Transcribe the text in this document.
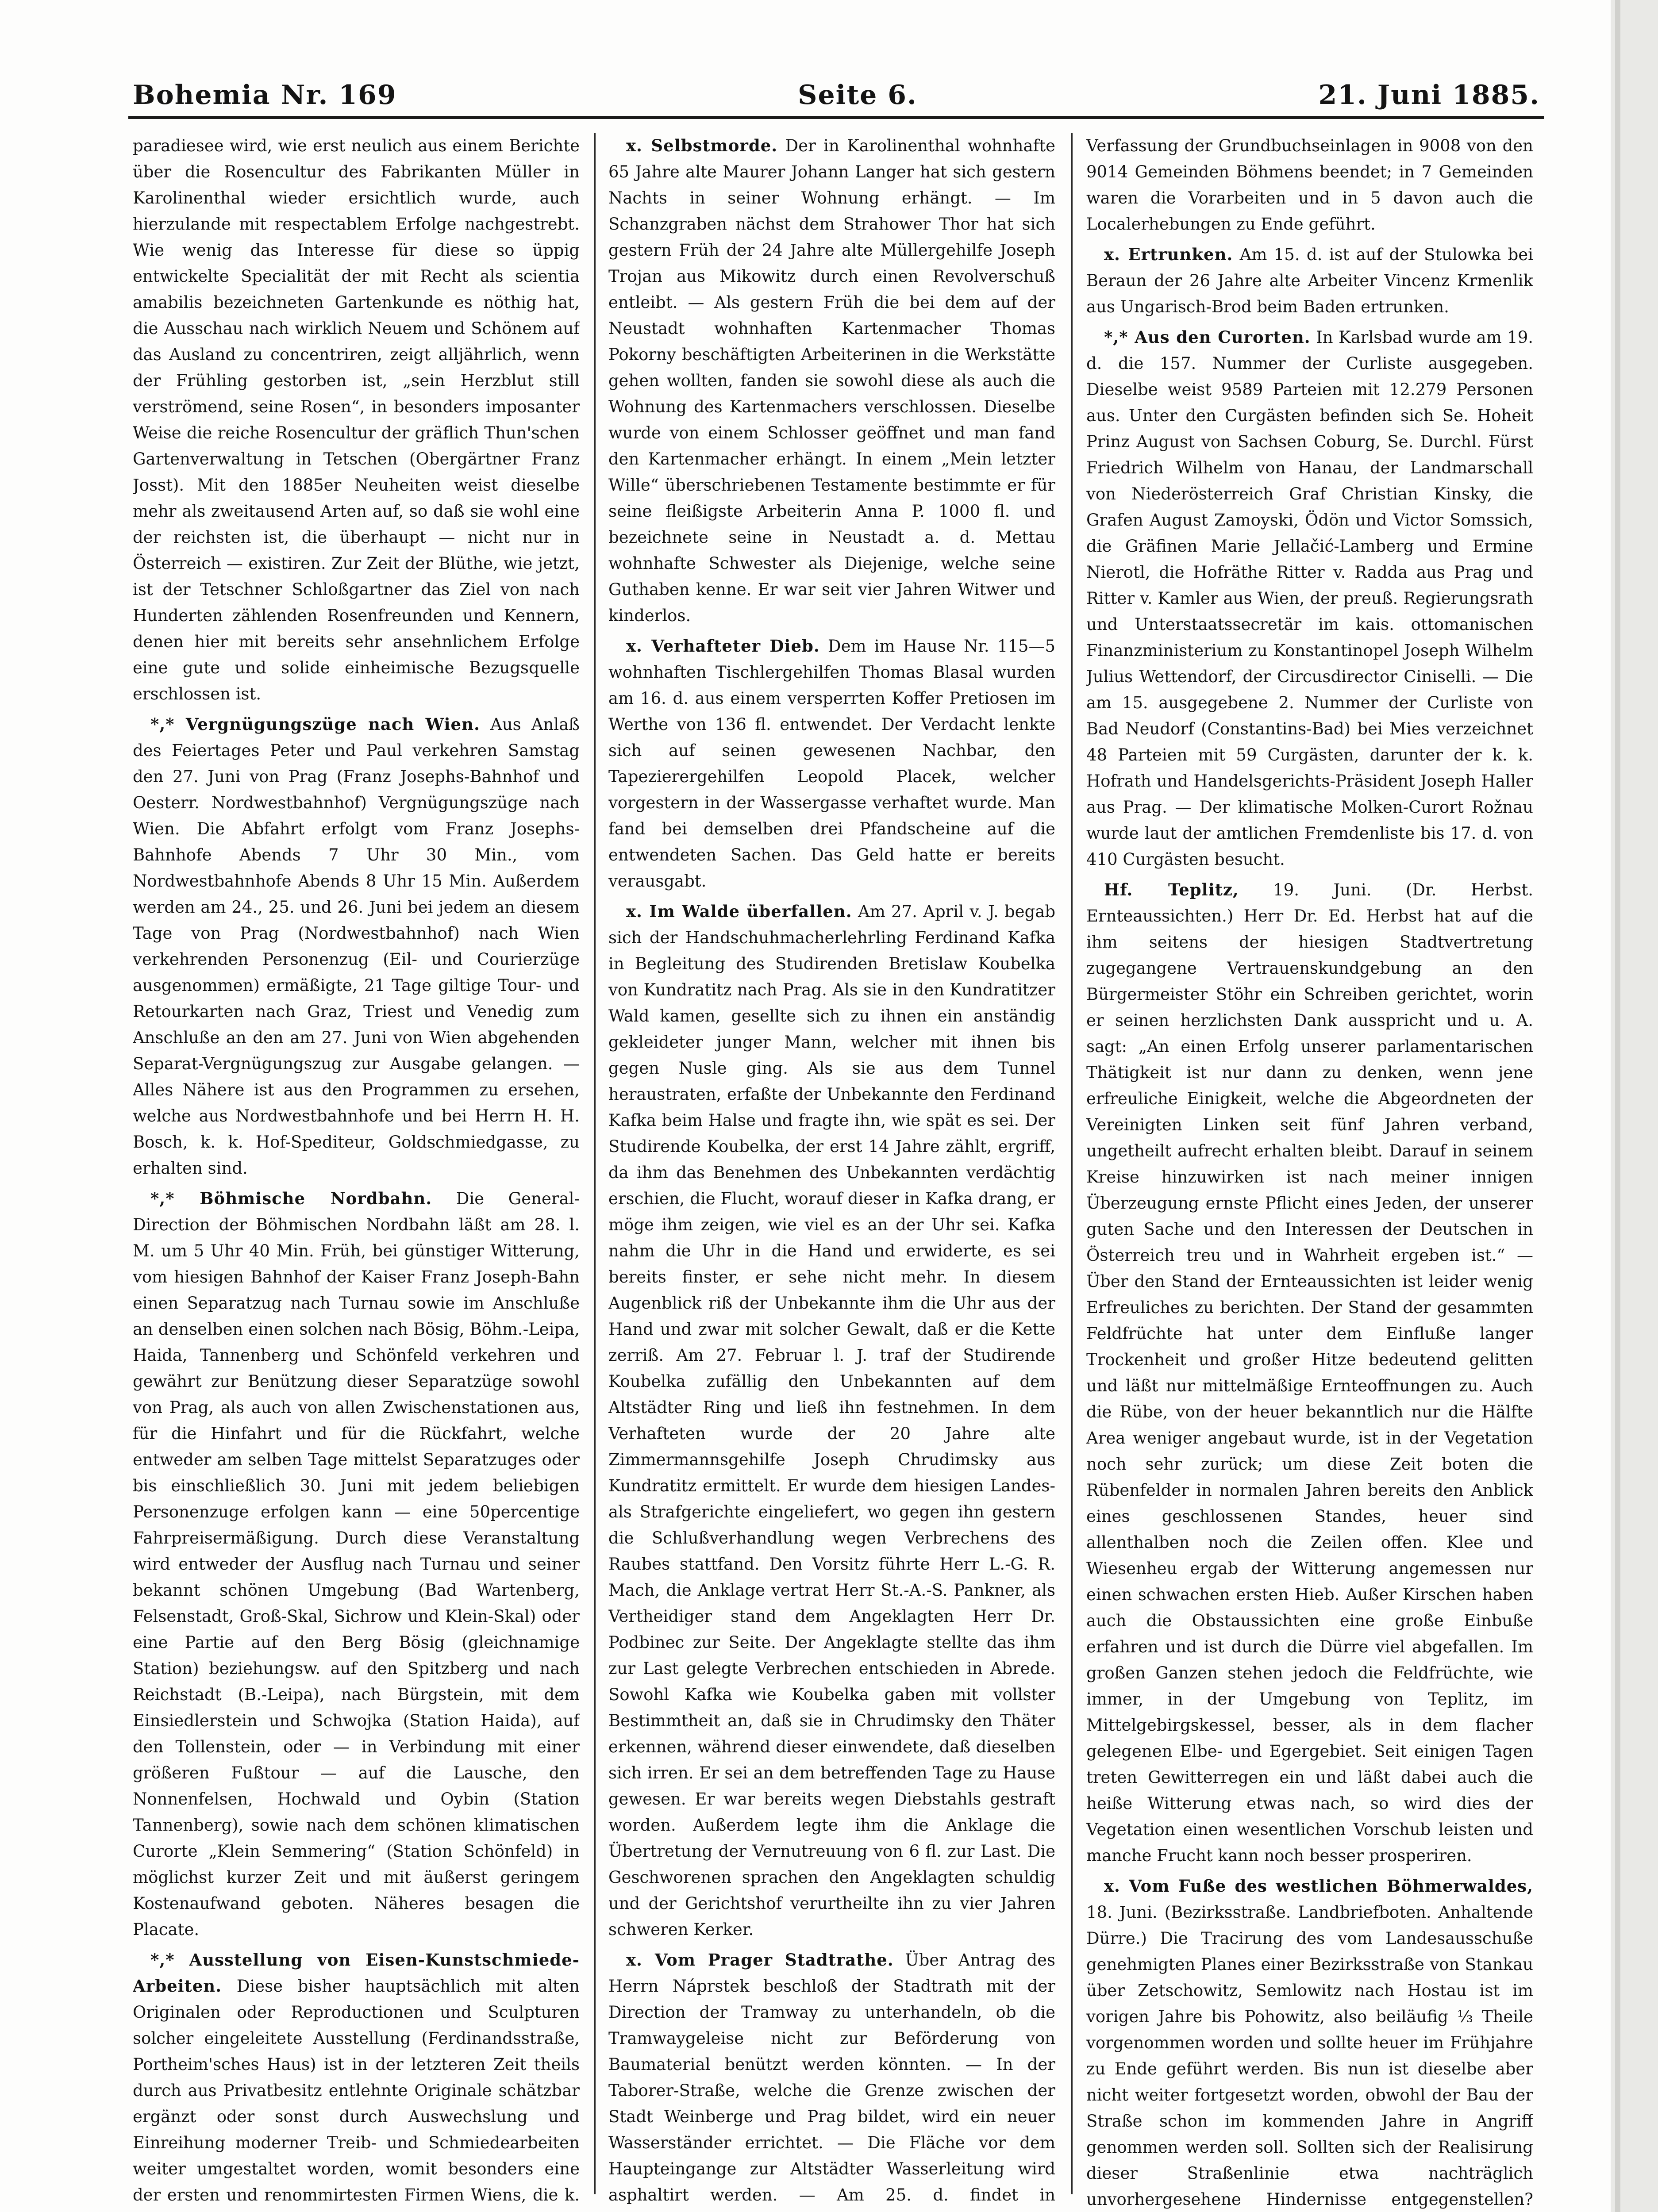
Bohemia Nr. 169	Seite 6.	21. Juni 1885.

paradiesee wird, wie erst neulich aus einem Berichte über die Rosencultur des Fabrikanten Müller in Karolinenthal wieder ersichtlich wurde, auch hierzulande mit respectablem Erfolge nachgestrebt. Wie wenig das Interesse für diese so üppig entwickelte Specialität der mit Recht als scientia amabilis bezeichneten Gartenkunde es nöthig hat, die Ausschau nach wirklich Neuem und Schönem auf das Ausland zu concentriren, zeigt alljährlich, wenn der Frühling gestorben ist, „sein Herzblut still verströmend, seine Rosen“, in besonders imposanter Weise die reiche Rosencultur der gräflich Thun'schen Gartenverwaltung in Tetschen (Obergärtner Franz Josst). Mit den 1885er Neuheiten weist dieselbe mehr als zweitausend Arten auf, so daß sie wohl eine der reichsten ist, die überhaupt — nicht nur in Österreich — existiren. Zur Zeit der Blüthe, wie jetzt, ist der Tetschner Schloßgartner das Ziel von nach Hunderten zählenden Rosenfreunden und Kennern, denen hier mit bereits sehr ansehnlichem Erfolge eine gute und solide einheimische Bezugsquelle erschlossen ist.

*,* Vergnügungszüge nach Wien. Aus Anlaß des Feiertages Peter und Paul verkehren Samstag den 27. Juni von Prag (Franz Josephs-Bahnhof und Oesterr. Nordwestbahnhof) Vergnügungszüge nach Wien. Die Abfahrt erfolgt vom Franz Josephs-Bahnhofe Abends 7 Uhr 30 Min., vom Nordwestbahnhofe Abends 8 Uhr 15 Min. Außerdem werden am 24., 25. und 26. Juni bei jedem an diesem Tage von Prag (Nordwestbahnhof) nach Wien verkehrenden Personenzug (Eil- und Courierzüge ausgenommen) ermäßigte, 21 Tage giltige Tour- und Retourkarten nach Graz, Triest und Venedig zum Anschluße an den am 27. Juni von Wien abgehenden Separat-Vergnügungszug zur Ausgabe gelangen. — Alles Nähere ist aus den Programmen zu ersehen, welche aus Nordwestbahnhofe und bei Herrn H. H. Bosch, k. k. Hof-Spediteur, Goldschmiedgasse, zu erhalten sind.

*,* Böhmische Nordbahn. Die General-Direction der Böhmischen Nordbahn läßt am 28. l. M. um 5 Uhr 40 Min. Früh, bei günstiger Witterung, vom hiesigen Bahnhof der Kaiser Franz Joseph-Bahn einen Separatzug nach Turnau sowie im Anschluße an denselben einen solchen nach Bösig, Böhm.-Leipa, Haida, Tannenberg und Schönfeld verkehren und gewährt zur Benützung dieser Separatzüge sowohl von Prag, als auch von allen Zwischenstationen aus, für die Hinfahrt und für die Rückfahrt, welche entweder am selben Tage mittelst Separatzuges oder bis einschließlich 30. Juni mit jedem beliebigen Personenzuge erfolgen kann — eine 50percentige Fahrpreisermäßigung. Durch diese Veranstaltung wird entweder der Ausflug nach Turnau und seiner bekannt schönen Umgebung (Bad Wartenberg, Felsenstadt, Groß-Skal, Sichrow und Klein-Skal) oder eine Partie auf den Berg Bösig (gleichnamige Station) beziehungsw. auf den Spitzberg und nach Reichstadt (B.-Leipa), nach Bürgstein, mit dem Einsiedlerstein und Schwojka (Station Haida), auf den Tollenstein, oder — in Verbindung mit einer größeren Fußtour — auf die Lausche, den Nonnenfelsen, Hochwald und Oybin (Station Tannenberg), sowie nach dem schönen klimatischen Curorte „Klein Semmering“ (Station Schönfeld) in möglichst kurzer Zeit und mit äußerst geringem Kostenaufwand geboten. Näheres besagen die Placate.

*,* Ausstellung von Eisen-Kunstschmiede-Arbeiten. Diese bisher hauptsächlich mit alten Originalen oder Reproductionen und Sculpturen solcher eingeleitete Ausstellung (Ferdinandsstraße, Portheim'sches Haus) ist in der letzteren Zeit theils durch aus Privatbesitz entlehnte Originale schätzbar ergänzt oder sonst durch Auswechslung und Einreihung moderner Treib- und Schmiedearbeiten weiter umgestaltet worden, womit besonders eine der ersten und renommirtesten Firmen Wiens, die k.

x. Selbstmorde. Der in Karolinenthal wohnhafte 65 Jahre alte Maurer Johann Langer hat sich gestern Nachts in seiner Wohnung erhängt. — Im Schanzgraben nächst dem Strahower Thor hat sich gestern Früh der 24 Jahre alte Müllergehilfe Joseph Trojan aus Mikowitz durch einen Revolverschuß entleibt. — Als gestern Früh die bei dem auf der Neustadt wohnhaften Kartenmacher Thomas Pokorny beschäftigten Arbeiterinen in die Werkstätte gehen wollten, fanden sie sowohl diese als auch die Wohnung des Kartenmachers verschlossen. Dieselbe wurde von einem Schlosser geöffnet und man fand den Kartenmacher erhängt. In einem „Mein letzter Wille“ überschriebenen Testamente bestimmte er für seine fleißigste Arbeiterin Anna P. 1000 fl. und bezeichnete seine in Neustadt a. d. Mettau wohnhafte Schwester als Diejenige, welche seine Guthaben kenne. Er war seit vier Jahren Witwer und kinderlos.

x. Verhafteter Dieb. Dem im Hause Nr. 115—5 wohnhaften Tischlergehilfen Thomas Blasal wurden am 16. d. aus einem versperrten Koffer Pretiosen im Werthe von 136 fl. entwendet. Der Verdacht lenkte sich auf seinen gewesenen Nachbar, den Tapezierergehilfen Leopold Placek, welcher vorgestern in der Wassergasse verhaftet wurde. Man fand bei demselben drei Pfandscheine auf die entwendeten Sachen. Das Geld hatte er bereits verausgabt.

x. Im Walde überfallen. Am 27. April v. J. begab sich der Handschuhmacherlehrling Ferdinand Kafka in Begleitung des Studirenden Bretislaw Koubelka von Kundratitz nach Prag. Als sie in den Kundratitzer Wald kamen, gesellte sich zu ihnen ein anständig gekleideter junger Mann, welcher mit ihnen bis gegen Nusle ging. Als sie aus dem Tunnel heraustraten, erfaßte der Unbekannte den Ferdinand Kafka beim Halse und fragte ihn, wie spät es sei. Der Studirende Koubelka, der erst 14 Jahre zählt, ergriff, da ihm das Benehmen des Unbekannten verdächtig erschien, die Flucht, worauf dieser in Kafka drang, er möge ihm zeigen, wie viel es an der Uhr sei. Kafka nahm die Uhr in die Hand und erwiderte, es sei bereits finster, er sehe nicht mehr. In diesem Augenblick riß der Unbekannte ihm die Uhr aus der Hand und zwar mit solcher Gewalt, daß er die Kette zerriß. Am 27. Februar l. J. traf der Studirende Koubelka zufällig den Unbekannten auf dem Altstädter Ring und ließ ihn festnehmen. In dem Verhafteten wurde der 20 Jahre alte Zimmermannsgehilfe Joseph Chrudimsky aus Kundratitz ermittelt. Er wurde dem hiesigen Landes- als Strafgerichte eingeliefert, wo gegen ihn gestern die Schlußverhandlung wegen Verbrechens des Raubes stattfand. Den Vorsitz führte Herr L.-G. R. Mach, die Anklage vertrat Herr St.-A.-S. Pankner, als Vertheidiger stand dem Angeklagten Herr Dr. Podbinec zur Seite. Der Angeklagte stellte das ihm zur Last gelegte Verbrechen entschieden in Abrede. Sowohl Kafka wie Koubelka gaben mit vollster Bestimmtheit an, daß sie in Chrudimsky den Thäter erkennen, während dieser einwendete, daß dieselben sich irren. Er sei an dem betreffenden Tage zu Hause gewesen. Er war bereits wegen Diebstahls gestraft worden. Außerdem legte ihm die Anklage die Übertretung der Vernutreuung von 6 fl. zur Last. Die Geschworenen sprachen den Angeklagten schuldig und der Gerichtshof verurtheilte ihn zu vier Jahren schweren Kerker.

x. Vom Prager Stadtrathe. Über Antrag des Herrn Náprstek beschloß der Stadtrath mit der Direction der Tramway zu unterhandeln, ob die Tramwaygeleise nicht zur Beförderung von Baumaterial benützt werden könnten. — In der Taborer-Straße, welche die Grenze zwischen der Stadt Weinberge und Prag bildet, wird ein neuer Wasserständer errichtet. — Die Fläche vor dem Haupteingange zur Altstädter Wasserleitung wird asphaltirt werden. — Am 25. d. findet in

Verfassung der Grundbuchseinlagen in 9008 von den 9014 Gemeinden Böhmens beendet; in 7 Gemeinden waren die Vorarbeiten und in 5 davon auch die Localerhebungen zu Ende geführt.

x. Ertrunken. Am 15. d. ist auf der Stulowka bei Beraun der 26 Jahre alte Arbeiter Vincenz Krmenlik aus Ungarisch-Brod beim Baden ertrunken.

*,* Aus den Curorten. In Karlsbad wurde am 19. d. die 157. Nummer der Curliste ausgegeben. Dieselbe weist 9589 Parteien mit 12.279 Personen aus. Unter den Curgästen befinden sich Se. Hoheit Prinz August von Sachsen Coburg, Se. Durchl. Fürst Friedrich Wilhelm von Hanau, der Landmarschall von Niederösterreich Graf Christian Kinsky, die Grafen August Zamoyski, Ödön und Victor Somssich, die Gräfinen Marie Jellačić-Lamberg und Ermine Nierotl, die Hofräthe Ritter v. Radda aus Prag und Ritter v. Kamler aus Wien, der preuß. Regierungsrath und Unterstaatssecretär im kais. ottomanischen Finanzministerium zu Konstantinopel Joseph Wilhelm Julius Wettendorf, der Circusdirector Ciniselli. — Die am 15. ausgegebene 2. Nummer der Curliste von Bad Neudorf (Constantins-Bad) bei Mies verzeichnet 48 Parteien mit 59 Curgästen, darunter der k. k. Hofrath und Handelsgerichts-Präsident Joseph Haller aus Prag. — Der klimatische Molken-Curort Rožnau wurde laut der amtlichen Fremdenliste bis 17. d. von 410 Curgästen besucht.

Hf. Teplitz, 19. Juni. (Dr. Herbst. Ernteaussichten.) Herr Dr. Ed. Herbst hat auf die ihm seitens der hiesigen Stadtvertretung zugegangene Vertrauenskundgebung an den Bürgermeister Stöhr ein Schreiben gerichtet, worin er seinen herzlichsten Dank ausspricht und u. A. sagt: „An einen Erfolg unserer parlamentarischen Thätigkeit ist nur dann zu denken, wenn jene erfreuliche Einigkeit, welche die Abgeordneten der Vereinigten Linken seit fünf Jahren verband, ungetheilt aufrecht erhalten bleibt. Darauf in seinem Kreise hinzuwirken ist nach meiner innigen Überzeugung ernste Pflicht eines Jeden, der unserer guten Sache und den Interessen der Deutschen in Österreich treu und in Wahrheit ergeben ist.“ — Über den Stand der Ernteaussichten ist leider wenig Erfreuliches zu berichten. Der Stand der gesammten Feldfrüchte hat unter dem Einfluße langer Trockenheit und großer Hitze bedeutend gelitten und läßt nur mittelmäßige Ernteoffnungen zu. Auch die Rübe, von der heuer bekanntlich nur die Hälfte Area weniger angebaut wurde, ist in der Vegetation noch sehr zurück; um diese Zeit boten die Rübenfelder in normalen Jahren bereits den Anblick eines geschlossenen Standes, heuer sind allenthalben noch die Zeilen offen. Klee und Wiesenheu ergab der Witterung angemessen nur einen schwachen ersten Hieb. Außer Kirschen haben auch die Obstaussichten eine große Einbuße erfahren und ist durch die Dürre viel abgefallen. Im großen Ganzen stehen jedoch die Feldfrüchte, wie immer, in der Umgebung von Teplitz, im Mittelgebirgskessel, besser, als in dem flacher gelegenen Elbe- und Egergebiet. Seit einigen Tagen treten Gewitterregen ein und läßt dabei auch die heiße Witterung etwas nach, so wird dies der Vegetation einen wesentlichen Vorschub leisten und manche Frucht kann noch besser prosperiren.

x. Vom Fuße des westlichen Böhmerwaldes, 18. Juni. (Bezirksstraße. Landbriefboten. Anhaltende Dürre.) Die Tracirung des vom Landesausschuße genehmigten Planes einer Bezirksstraße von Stankau über Zetschowitz, Semlowitz nach Hostau ist im vorigen Jahre bis Pohowitz, also beiläufig ⅓ Theile vorgenommen worden und sollte heuer im Frühjahre zu Ende geführt werden. Bis nun ist dieselbe aber nicht weiter fortgesetzt worden, obwohl der Bau der Straße schon im kommenden Jahre in Angriff genommen werden soll. Sollten sich der Realisirung dieser Straßenlinie etwa nachträglich unvorhergesehene Hindernisse entgegenstellen?
